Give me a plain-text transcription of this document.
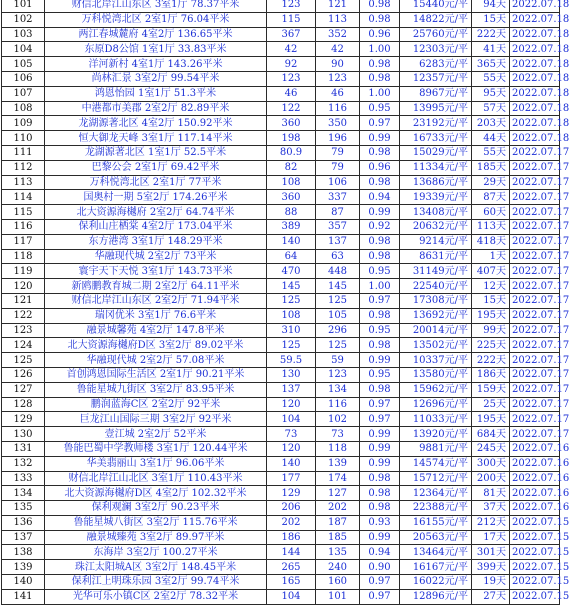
101	财信北岸江山东区 3室1厅 78.37平米	123	121	0.98	15440元/平	94天	2022.07.18
102	万科悦湾北区 2室1厅 76.04平米	115	113	0.98	14822元/平	15天	2022.07.18
103	两江春城麓府 4室2厅 136.65平米	367	352	0.96	25760元/平	222天	2022.07.18
104	东原D8公馆 1室1厅 33.83平米	42	42	1.00	12303元/平	41天	2022.07.18
105	洋河新村 4室1厅 143.26平米	92	90	0.98	6283元/平	365天	2022.07.18
106	尚林汇景 3室2厅 99.54平米	123	123	0.98	12357元/平	55天	2022.07.18
107	鸿恩怡园 1室1厅 51.3平米	46	46	1.00	8967元/平	95天	2022.07.18
108	中港都市美郡 2室2厅 82.89平米	122	116	0.95	13995元/平	57天	2022.07.18
109	龙湖源著北区 4室2厅 150.92平米	360	350	0.97	23192元/平	203天	2022.07.18
110	恒大御龙天峰 3室1厅 117.14平米	198	196	0.99	16733元/平	44天	2022.07.18
111	龙湖源著北区 1室1厅 52.5平米	80.9	79	0.98	15029元/平	55天	2022.07.17
112	巴黎公会 2室1厅 69.42平米	82	79	0.96	11334元/平	185天	2022.07.17
113	万科悦湾北区 2室1厅 77平米	108	106	0.98	13686元/平	29天	2022.07.17
114	国奥村一期 5室2厅 174.26平米	360	337	0.94	19339元/平	87天	2022.07.17
115	北大资源海樾府 2室2厅 64.74平米	88	87	0.99	13408元/平	60天	2022.07.17
116	保利山庄栖棠 4室2厅 173.04平米	389	357	0.92	20632元/平	113天	2022.07.17
117	东方港湾 3室1厅 148.29平米	140	137	0.98	9214元/平	418天	2022.07.17
118	华融现代城 2室2厅 73平米	64	63	0.98	8631元/平	1天	2022.07.17
119	寰宇天下天悦 3室1厅 143.73平米	470	448	0.95	31149元/平	407天	2022.07.17
120	新鸥鹏教育城二期 2室2厅 64.11平米	145	145	1.00	22540元/平	12天	2022.07.17
121	财信北岸江山东区 2室2厅 71.94平米	125	125	0.97	17308元/平	15天	2022.07.17
122	瑞冈优米 3室1厅 76.6平米	108	105	0.98	13692元/平	195天	2022.07.17
123	融景城馨苑 4室2厅 147.8平米	310	296	0.95	20014元/平	99天	2022.07.17
124	北大资源海樾府D区 3室2厅 89.02平米	125	125	0.98	13502元/平	225天	2022.07.17
125	华融现代城 2室2厅 57.08平米	59.5	59	0.99	10337元/平	222天	2022.07.17
126	首创鸿恩国际生活区 2室1厅 90.21平米	130	123	0.95	13580元/平	186天	2022.07.17
127	鲁能星城九街区 3室2厅 83.95平米	137	134	0.98	15962元/平	159天	2022.07.17
128	鹏润蓝海C区 2室2厅 92平米	120	116	0.97	12696元/平	25天	2022.07.17
129	巨龙江山国际三期 3室2厅 92平米	104	102	0.97	11033元/平	195天	2022.07.17
130	壹江城 2室2厅 52平米	73	73	0.99	13920元/平	684天	2022.07.17
131	鲁能巴蜀中学教师楼 3室1厅 120.44平米	120	118	0.99	9881元/平	245天	2022.07.16
132	华美翡丽山 3室1厅 96.06平米	140	139	0.99	14574元/平	300天	2022.07.16
133	财信北岸江山北区 3室1厅 110.43平米	177	174	0.98	15712元/平	200天	2022.07.16
134	北大资源海樾府D区 4室2厅 102.32平米	129	127	0.98	12364元/平	81天	2022.07.16
135	保利观澜 3室2厅 90.23平米	206	202	0.98	22388元/平	37天	2022.07.16
136	鲁能星城八街区 3室2厅 115.76平米	202	187	0.93	16155元/平	212天	2022.07.15
137	融景城臻苑 3室2厅 89.97平米	186	185	0.99	20563元/平	17天	2022.07.15
138	东海岸 3室2厅 100.27平米	144	135	0.94	13464元/平	301天	2022.07.15
139	珠江太阳城A区 3室2厅 148.45平米	265	240	0.90	16167元/平	399天	2022.07.15
140	保利江上明珠乐园 3室2厅 99.74平米	165	160	0.97	16022元/平	19天	2022.07.15
141	光华可乐小镇C区 2室2厅 78.32平米	104	101	0.97	12896元/平	27天	2022.07.15
